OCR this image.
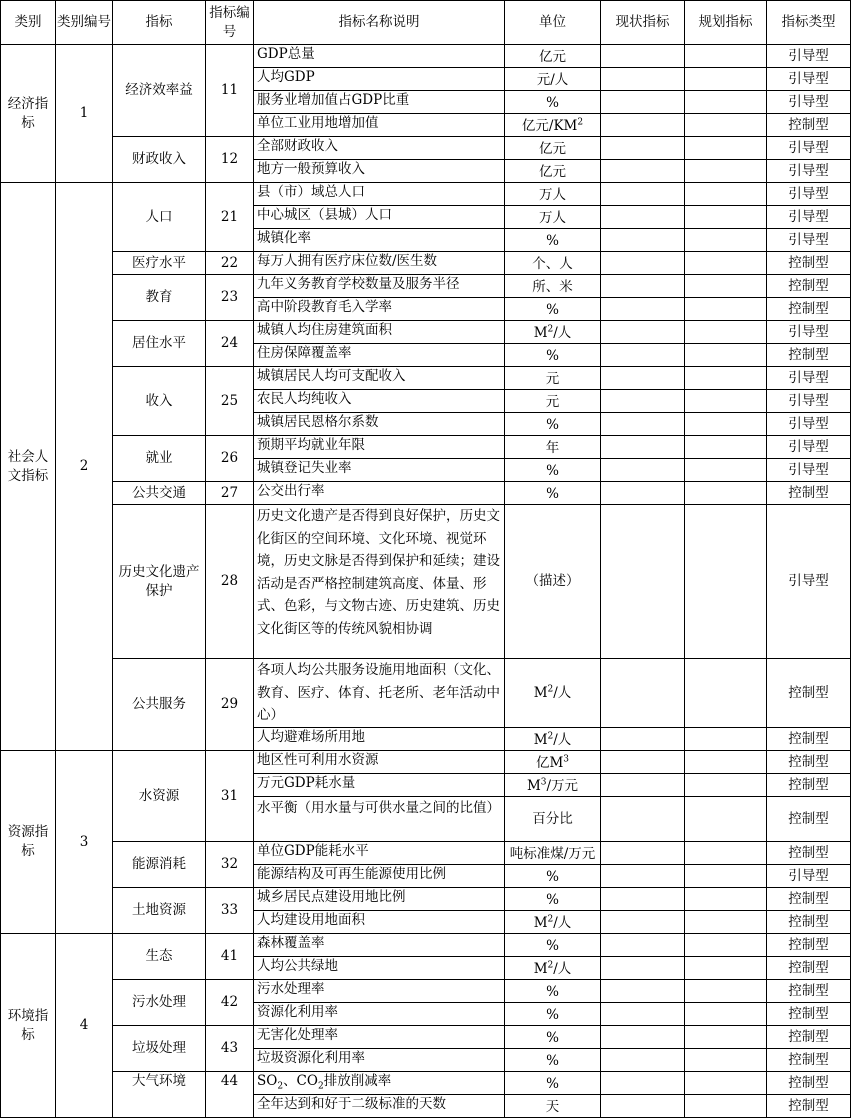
类别	类别编号	指标	指标编号	指标名称说明	单位	现状指标	规划指标	指标类型
经济指标	1	经济效率益	11	GDP总量	亿元			引导型
				人均GDP	元/人			引导型
				服务业增加值占GDP比重	%			引导型
				单位工业用地增加值	亿元$/KM^2$			控制型
		财政收入	12	全部财政收入	亿元			引导型
				地方一般预算收入	亿元			引导型
社会人文指标	2	人口	21	县（市）域总人口	万人			引导型
				中心城区（县城）人口	万人			引导型
				城镇化率	%			引导型
		医疗水平	22	每万人拥有医疗床位数/医生数	个、人			控制型
		教育	23	九年义务教育学校数量及服务半径	所、米			控制型
				高中阶段教育毛入学率	%			控制型
		居住水平	24	城镇人均住房建筑面积	$M^2/$人			引导型
				住房保障覆盖率	%			控制型
		收入	25	城镇居民人均可支配收入	元			引导型
				农民人均纯收入	元			引导型
				城镇居民恩格尔系数	%			引导型
		就业	26	预期平均就业年限	年			引导型
				城镇登记失业率	%			引导型
		公共交通	27	公交出行率	%			控制型
		历史文化遗产保护	28	历史文化遗产是否得到良好保护，历史文化街区的空间环境、文化环境、视觉环境，历史文脉是否得到保护和延续；建设活动是否严格控制建筑高度、体量、形式、色彩，与文物古迹、历史建筑、历史文化街区等的传统风貌相协调	（描述）			引导型
		公共服务	29	各项人均公共服务设施用地面积（文化、教育、医疗、体育、托老所、老年活动中心）	$M^2/$人			控制型
				人均避难场所用地	$M^2/$人			控制型
资源指标	3	水资源	31	地区性可利用水资源	亿$M^3$			控制型
				万元GDP耗水量	$M^3/$万元			控制型
				水平衡（用水量与可供水量之间的比值）	百分比			控制型
		能源消耗	32	单位GDP能耗水平	吨标准煤/万元			控制型
				能源结构及可再生能源使用比例	%			引导型
		土地资源	33	城乡居民点建设用地比例	%			控制型
				人均建设用地面积	$M^2/$人			控制型
环境指标	4	生态	41	森林覆盖率	%			控制型
				人均公共绿地	$M^2/$人			控制型
		污水处理	42	污水处理率	%			控制型
				资源化利用率	%			控制型
		垃圾处理	43	无害化处理率	%			控制型
				垃圾资源化利用率	%			控制型
		大气环境	44	$SO_2$、$CO_2$排放削减率	%			控制型
				全年达到和好于二级标准的天数	天			控制型
